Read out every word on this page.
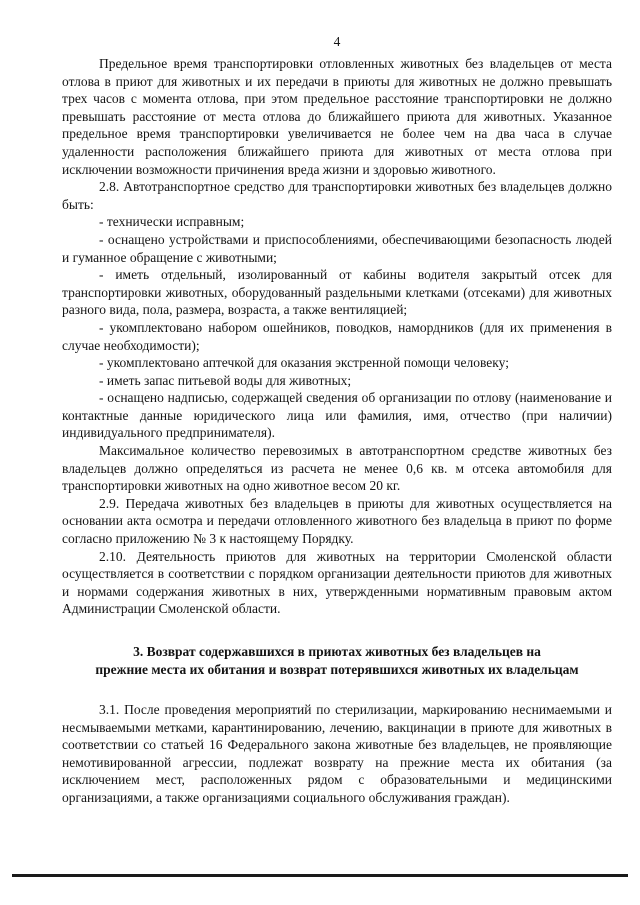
4

Предельное время транспортировки отловленных животных без владельцев от места отлова в приют для животных и их передачи в приюты для животных не должно превышать трех часов с момента отлова, при этом предельное расстояние транспортировки не должно превышать расстояние от места отлова до ближайшего приюта для животных. Указанное предельное время транспортировки увеличивается не более чем на два часа в случае удаленности расположения ближайшего приюта для животных от места отлова при исключении возможности причинения вреда жизни и здоровью животного.

2.8. Автотранспортное средство для транспортировки животных без владельцев должно быть:

- технически исправным;

- оснащено устройствами и приспособлениями, обеспечивающими безопасность людей и гуманное обращение с животными;

- иметь отдельный, изолированный от кабины водителя закрытый отсек для транспортировки животных, оборудованный раздельными клетками (отсеками) для животных разного вида, пола, размера, возраста, а также вентиляцией;

- укомплектовано набором ошейников, поводков, намордников (для их применения в случае необходимости);

- укомплектовано аптечкой для оказания экстренной помощи человеку;

- иметь запас питьевой воды для животных;

- оснащено надписью, содержащей сведения об организации по отлову (наименование и контактные данные юридического лица или фамилия, имя, отчество (при наличии) индивидуального предпринимателя).

Максимальное количество перевозимых в автотранспортном средстве животных без владельцев должно определяться из расчета не менее 0,6 кв. м отсека автомобиля для транспортировки животных на одно животное весом 20 кг.

2.9. Передача животных без владельцев в приюты для животных осуществляется на основании акта осмотра и передачи отловленного животного без владельца в приют по форме согласно приложению № 3 к настоящему Порядку.

2.10. Деятельность приютов для животных на территории Смоленской области осуществляется в соответствии с порядком организации деятельности приютов для животных и нормами содержания животных в них, утвержденными нормативным правовым актом Администрации Смоленской области.

3. Возврат содержавшихся в приютах животных без владельцев на
прежние места их обитания и возврат потерявшихся животных их владельцам

3.1. После проведения мероприятий по стерилизации, маркированию неснимаемыми и несмываемыми метками, карантинированию, лечению, вакцинации в приюте для животных в соответствии со статьей 16 Федерального закона животные без владельцев, не проявляющие немотивированной агрессии, подлежат возврату на прежние места их обитания (за исключением мест, расположенных рядом с образовательными и медицинскими организациями, а также организациями социального обслуживания граждан).
